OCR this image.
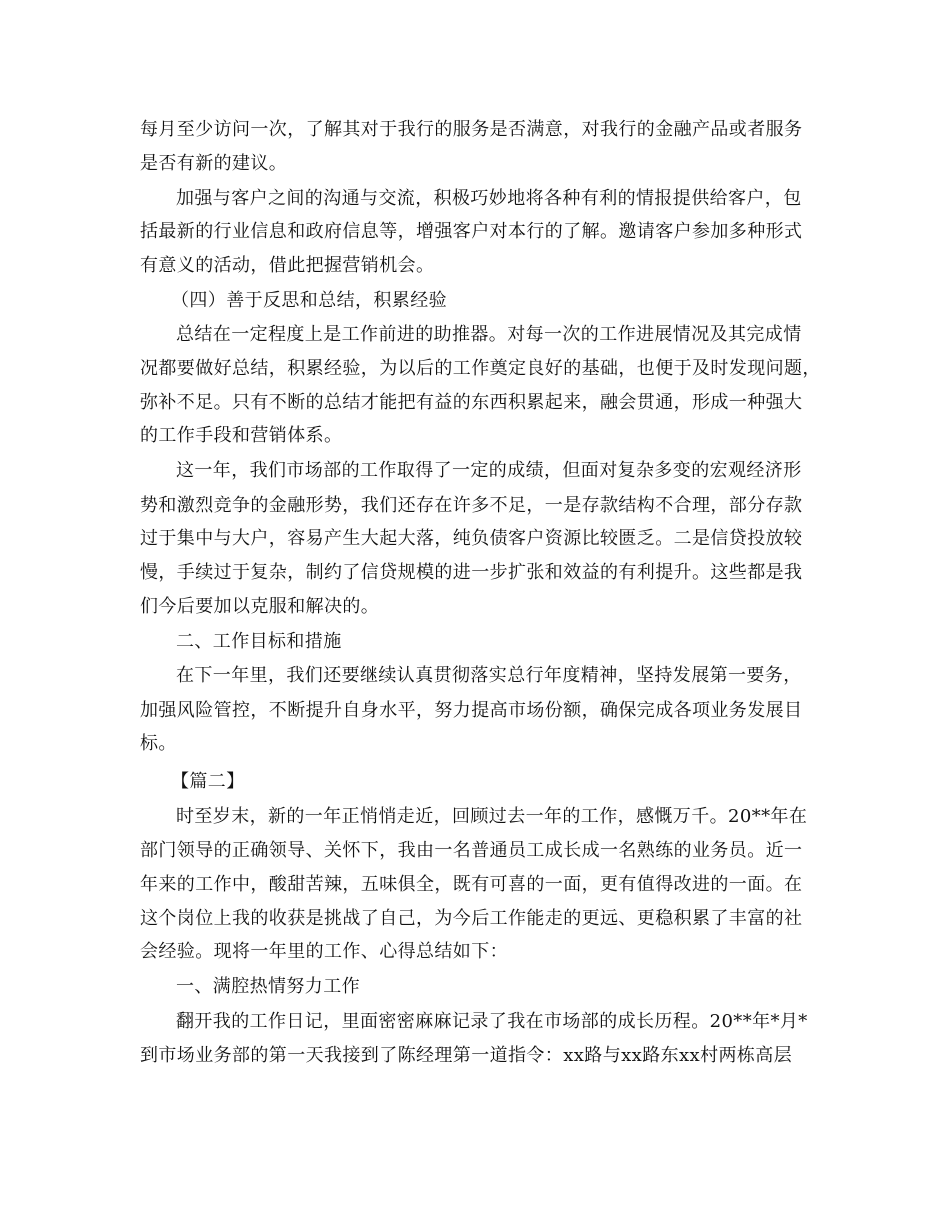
每月至少访问一次，了解其对于我行的服务是否满意，对我行的金融产品或者服务
是否有新的建议。
加强与客户之间的沟通与交流，积极巧妙地将各种有利的情报提供给客户，包
括最新的行业信息和政府信息等，增强客户对本行的了解。邀请客户参加多种形式
有意义的活动，借此把握营销机会。
（四）善于反思和总结，积累经验
总结在一定程度上是工作前进的助推器。对每一次的工作进展情况及其完成情
况都要做好总结，积累经验，为以后的工作奠定良好的基础，也便于及时发现问题，
弥补不足。只有不断的总结才能把有益的东西积累起来，融会贯通，形成一种强大
的工作手段和营销体系。
这一年，我们市场部的工作取得了一定的成绩，但面对复杂多变的宏观经济形
势和激烈竞争的金融形势，我们还存在许多不足，一是存款结构不合理，部分存款
过于集中与大户，容易产生大起大落，纯负债客户资源比较匮乏。二是信贷投放较
慢，手续过于复杂，制约了信贷规模的进一步扩张和效益的有利提升。这些都是我
们今后要加以克服和解决的。
二、工作目标和措施
在下一年里，我们还要继续认真贯彻落实总行年度精神，坚持发展第一要务，
加强风险管控，不断提升自身水平，努力提高市场份额，确保完成各项业务发展目
标。
【篇二】
时至岁末，新的一年正悄悄走近，回顾过去一年的工作，感慨万千。20**年在
部门领导的正确领导、关怀下，我由一名普通员工成长成一名熟练的业务员。近一
年来的工作中，酸甜苦辣，五味俱全，既有可喜的一面，更有值得改进的一面。在
这个岗位上我的收获是挑战了自己，为今后工作能走的更远、更稳积累了丰富的社
会经验。现将一年里的工作、心得总结如下：
一、满腔热情努力工作
翻开我的工作日记，里面密密麻麻记录了我在市场部的成长历程。20**年*月*
到市场业务部的第一天我接到了陈经理第一道指令：xx路与xx路东xx村两栋高层
